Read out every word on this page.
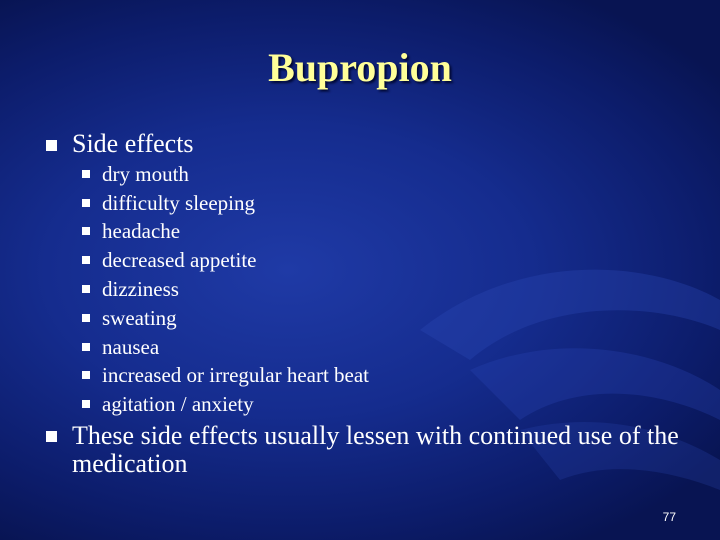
Bupropion

Side effects

dry mouth

difficulty sleeping

headache

decreased appetite

dizziness

sweating

nausea

increased or irregular heart beat

agitation / anxiety

These side effects usually lessen with continued use of the medication

77
